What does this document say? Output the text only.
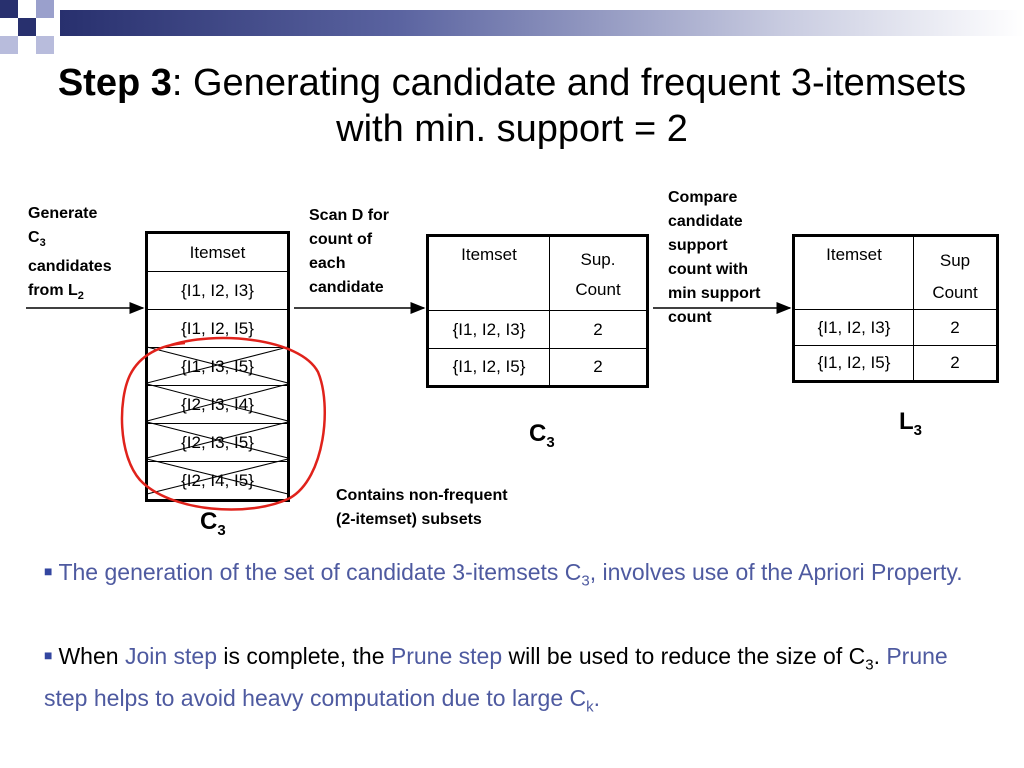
Step 3: Generating candidate and frequent 3-itemsets with min. support = 2
Generate
$C_3$
candidates
from $L_2$
Scan D for
count of
each
candidate
Compare
candidate
support
count with
min support
count
Contains non-frequent
(2-itemset) subsets
Itemset
{I1, I2, I3}
{I1, I2, I5}
{I1, I3, I5}
{I2, I3, I4}
{I2, I3, I5}
{I2, I4, I5}
Itemset	Sup.
Count

{I1, I2, I3}	2
{I1, I2, I5}	2
Itemset	Sup
Count

{I1, I2, I3}	2
{I1, I2, I5}	2
$C_3$
$C_3$
$L_3$
■ The generation of the set of candidate 3-itemsets $C_3$, involves use of the Apriori Property.
■ When Join step is complete, the Prune step will be used to reduce the size of $C_3$. Prune step helps to avoid heavy computation due to large $C_k$.
